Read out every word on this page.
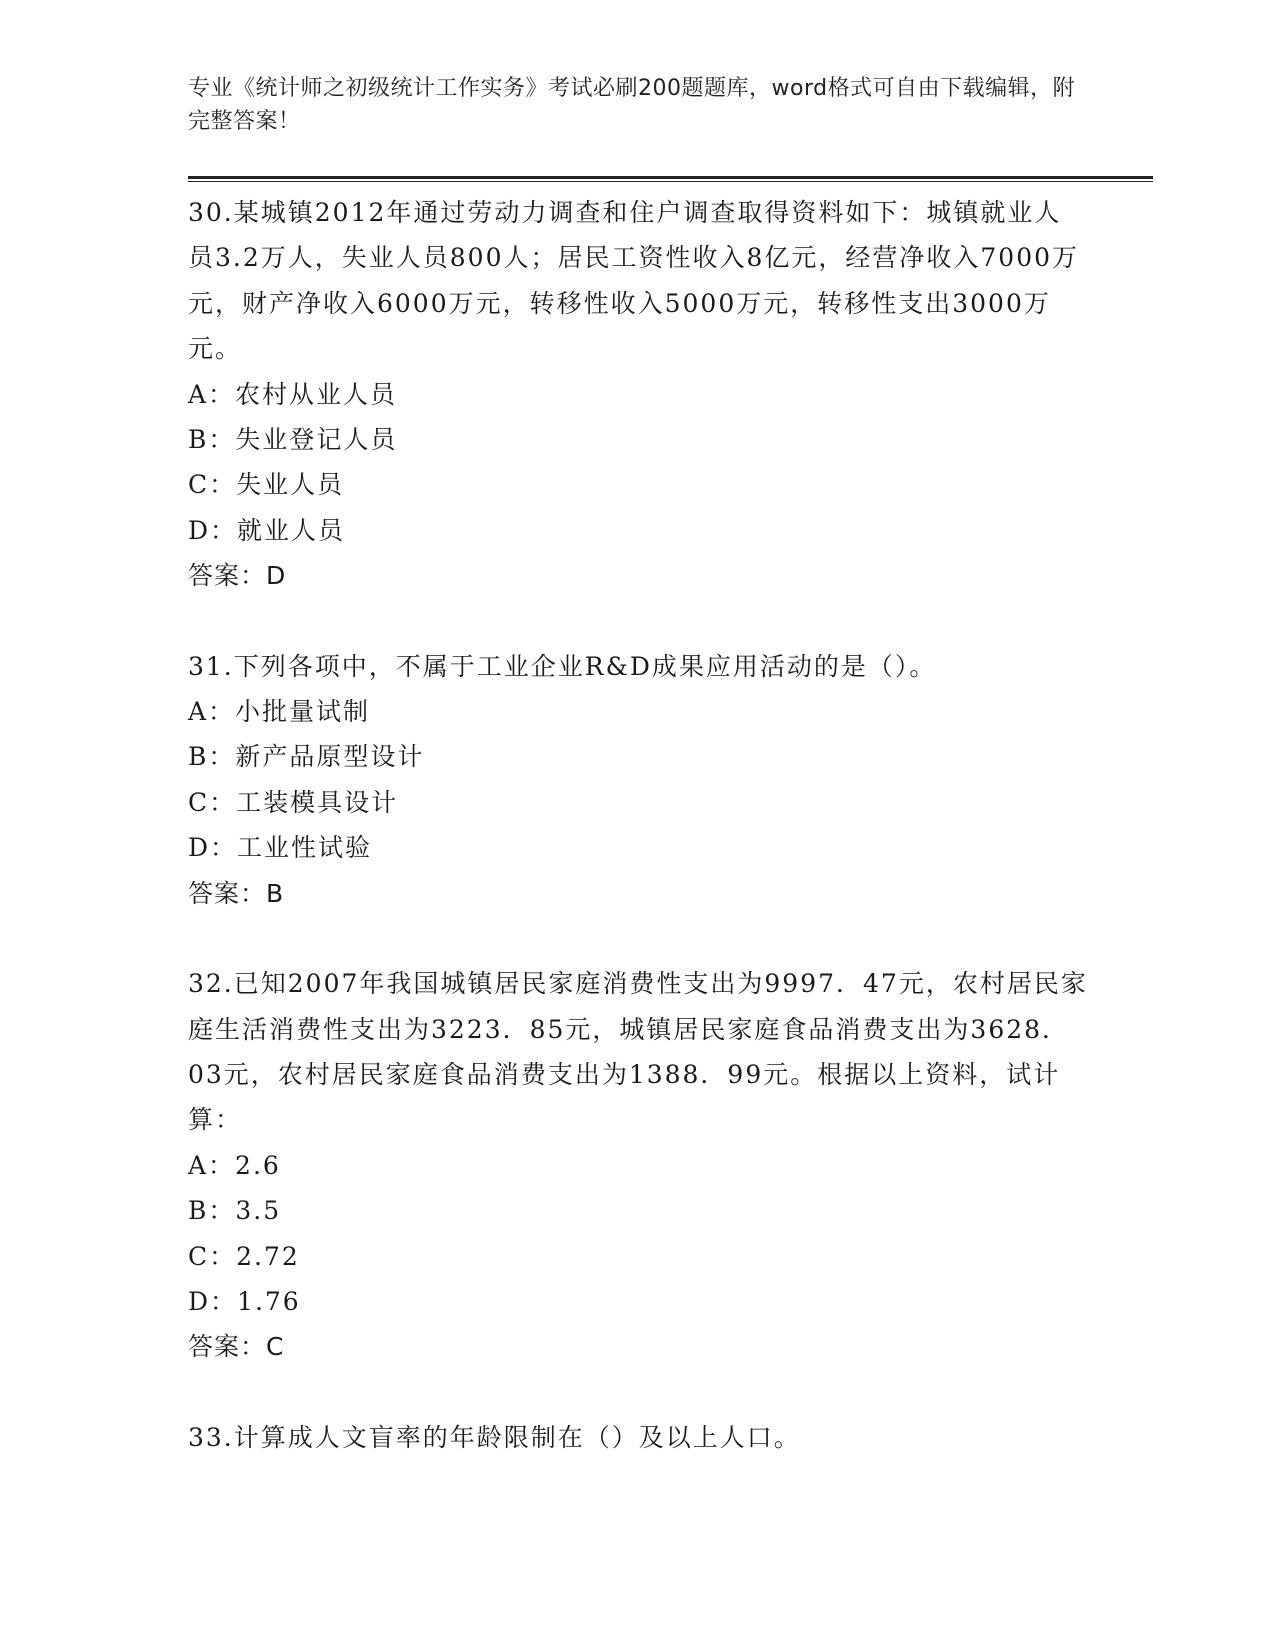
专业《统计师之初级统计工作实务》考试必刷200题题库，word格式可自由下载编辑，附完整答案！

30.某城镇2012年通过劳动力调查和住户调查取得资料如下：城镇就业人员3.2万人，失业人员800人；居民工资性收入8亿元，经营净收入7000万元，财产净收入6000万元，转移性收入5000万元，转移性支出3000万元。

A：农村从业人员

B：失业登记人员

C：失业人员

D：就业人员

答案：D

31.下列各项中，不属于工业企业R&D成果应用活动的是（）。

A：小批量试制

B：新产品原型设计

C：工装模具设计

D：工业性试验

答案：B

32.已知2007年我国城镇居民家庭消费性支出为9997．47元，农村居民家庭生活消费性支出为3223．85元，城镇居民家庭食品消费支出为3628．03元，农村居民家庭食品消费支出为1388．99元。根据以上资料，试计算：

A：2.6

B：3.5

C：2.72

D：1.76

答案：C

33.计算成人文盲率的年龄限制在（）及以上人口。
